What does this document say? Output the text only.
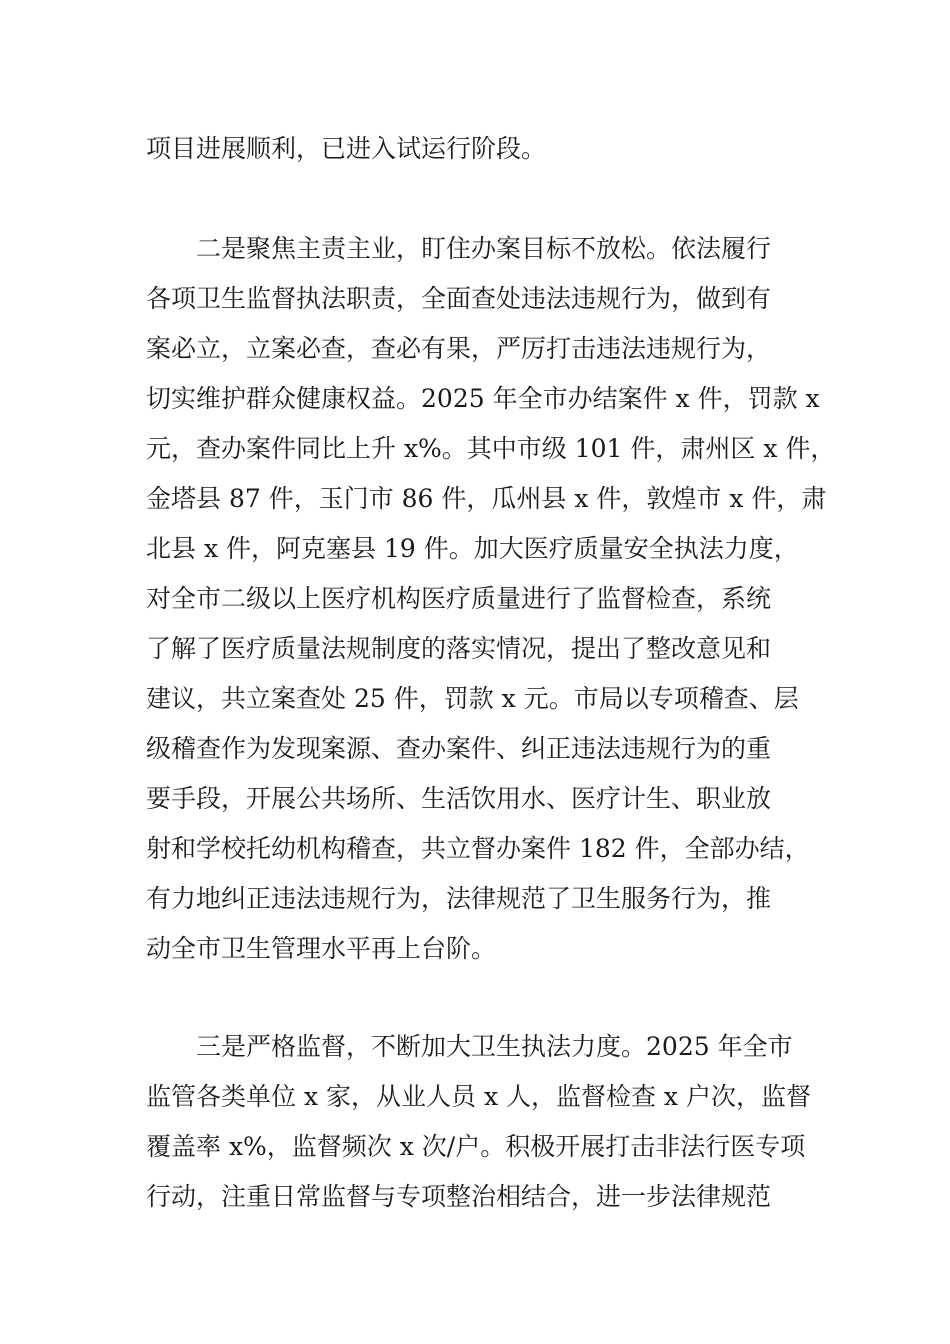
项目进展顺利，已进入试运行阶段。
二是聚焦主责主业，盯住办案目标不放松。依法履行
各项卫生监督执法职责，全面查处违法违规行为，做到有
案必立，立案必查，查必有果，严厉打击违法违规行为，
切实维护群众健康权益。2025 年全市办结案件 x 件，罚款 x
元，查办案件同比上升 x%。其中市级 101 件，肃州区 x 件，
金塔县 87 件，玉门市 86 件，瓜州县 x 件，敦煌市 x 件，肃
北县 x 件，阿克塞县 19 件。加大医疗质量安全执法力度，
对全市二级以上医疗机构医疗质量进行了监督检查，系统
了解了医疗质量法规制度的落实情况，提出了整改意见和
建议，共立案查处 25 件，罚款 x 元。市局以专项稽查、层
级稽查作为发现案源、查办案件、纠正违法违规行为的重
要手段，开展公共场所、生活饮用水、医疗计生、职业放
射和学校托幼机构稽查，共立督办案件 182 件，全部办结，
有力地纠正违法违规行为，法律规范了卫生服务行为，推
动全市卫生管理水平再上台阶。
三是严格监督，不断加大卫生执法力度。2025 年全市
监管各类单位 x 家，从业人员 x 人，监督检查 x 户次，监督
覆盖率 x%，监督频次 x 次/户。积极开展打击非法行医专项
行动，注重日常监督与专项整治相结合，进一步法律规范
